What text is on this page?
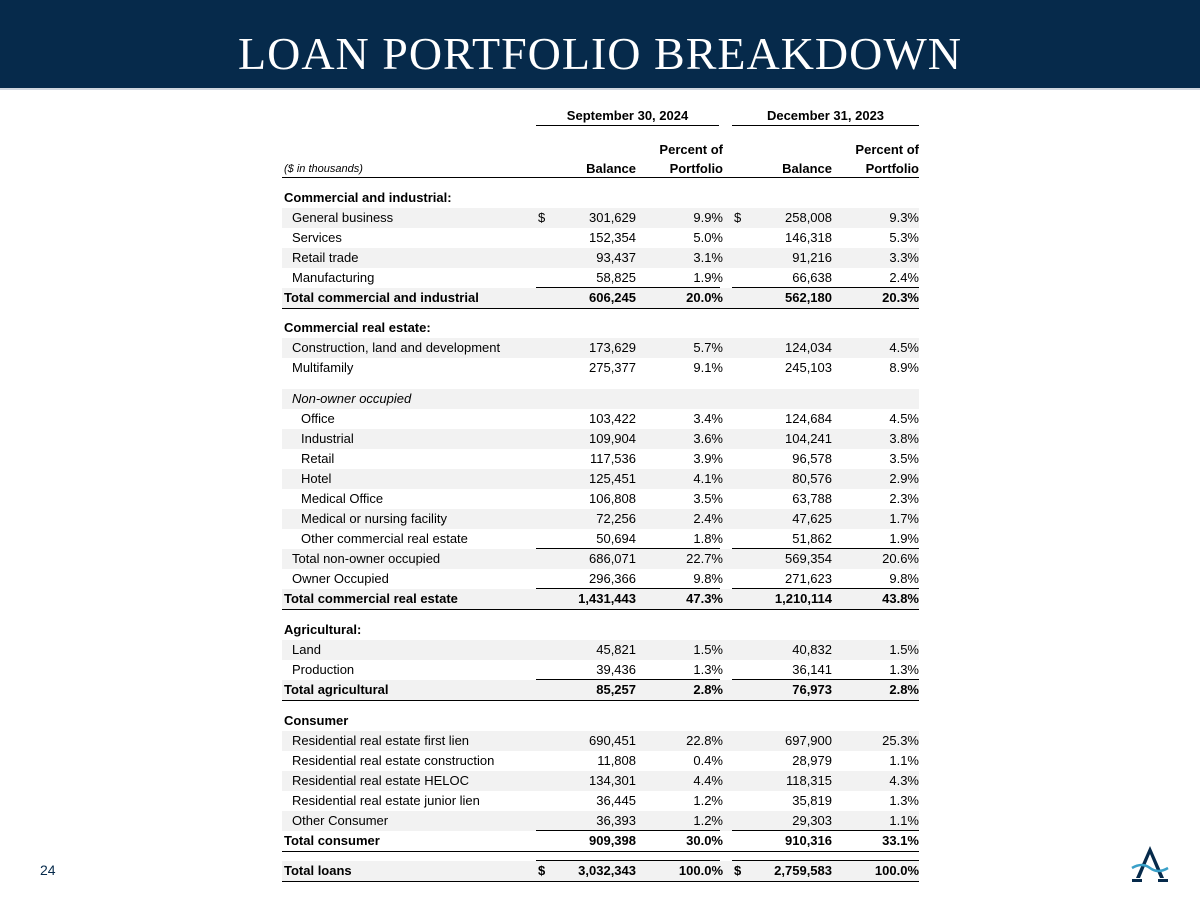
LOAN PORTFOLIO BREAKDOWN
September 30, 2024	December 31, 2023
Percent of	Percent of
($ in thousands)	Balance	Portfolio	Balance	Portfolio
Commercial and industrial:
General business	301,629	9.9%	258,008	9.3%
$	$
Services	152,354	5.0%	146,318	5.3%
Retail trade	93,437	3.1%	91,216	3.3%
Manufacturing	58,825	1.9%	66,638	2.4%
Total commercial and industrial	606,245	20.0%	562,180	20.3%
Commercial real estate:
Construction, land and development	173,629	5.7%	124,034	4.5%
Multifamily	275,377	9.1%	245,103	8.9%
Non-owner occupied
Office	103,422	3.4%	124,684	4.5%
Industrial	109,904	3.6%	104,241	3.8%
Retail	117,536	3.9%	96,578	3.5%
Hotel	125,451	4.1%	80,576	2.9%
Medical Office	106,808	3.5%	63,788	2.3%
Medical or nursing facility	72,256	2.4%	47,625	1.7%
Other commercial real estate	50,694	1.8%	51,862	1.9%
Total non-owner occupied	686,071	22.7%	569,354	20.6%
Owner Occupied	296,366	9.8%	271,623	9.8%
Total commercial real estate	1,431,443	47.3%	1,210,114	43.8%
Agricultural:
Land	45,821	1.5%	40,832	1.5%
Production	39,436	1.3%	36,141	1.3%
Total agricultural	85,257	2.8%	76,973	2.8%
Consumer
Residential real estate first lien	690,451	22.8%	697,900	25.3%
Residential real estate construction	11,808	0.4%	28,979	1.1%
Residential real estate HELOC	134,301	4.4%	118,315	4.3%
Residential real estate junior lien	36,445	1.2%	35,819	1.3%
Other Consumer	36,393	1.2%	29,303	1.1%
Total consumer	909,398	30.0%	910,316	33.1%
Total loans	3,032,343	100.0%	2,759,583	100.0%
$	$
24
